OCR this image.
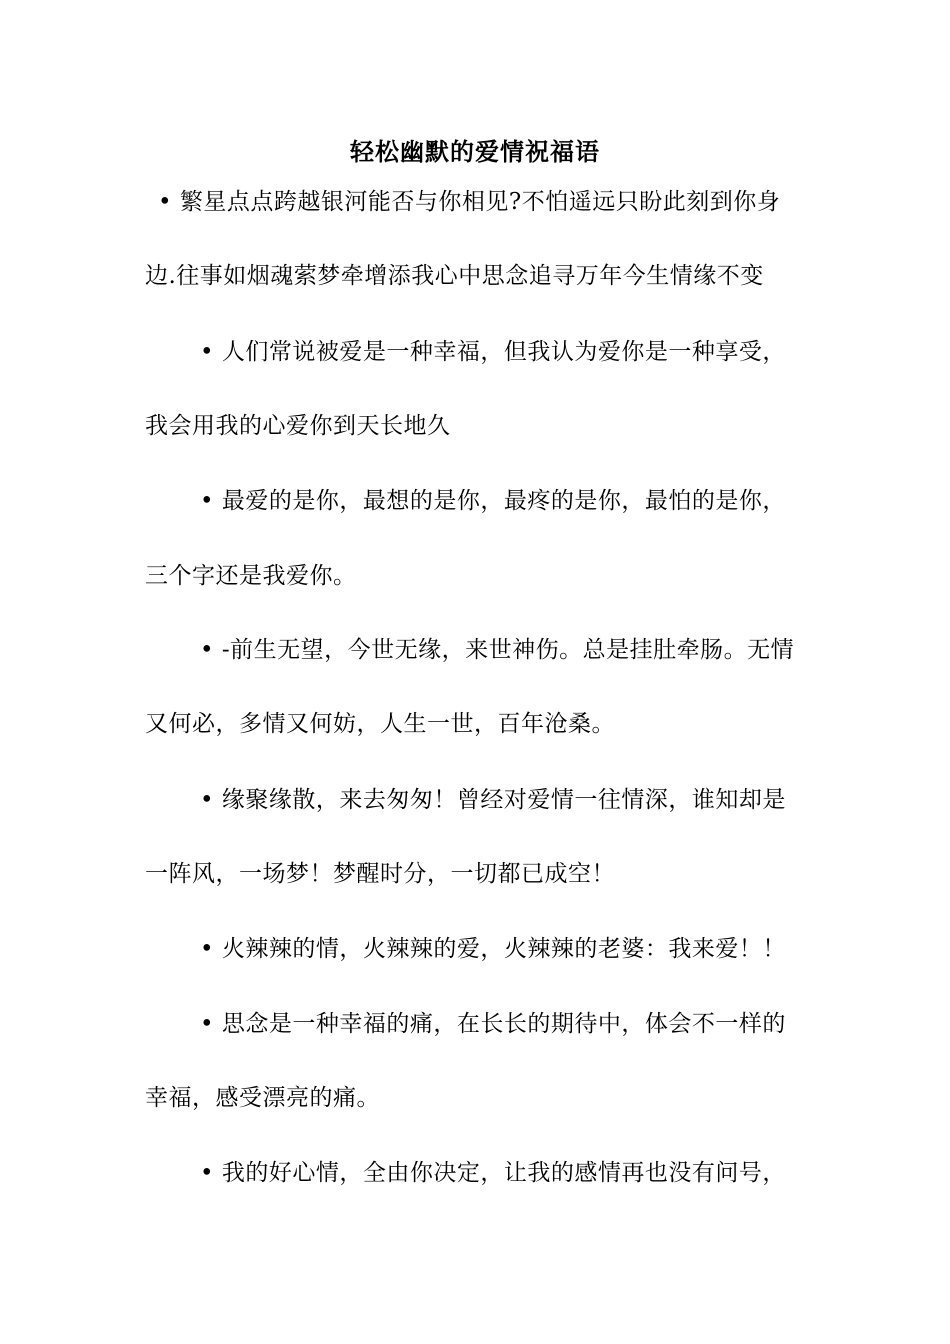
轻松幽默的爱情祝福语
• 繁星点点跨越银河能否与你相见?不怕遥远只盼此刻到你身
边.往事如烟魂萦梦牵增添我心中思念追寻万年今生情缘不变
• 人们常说被爱是一种幸福，但我认为爱你是一种享受，
我会用我的心爱你到天长地久
• 最爱的是你，最想的是你，最疼的是你，最怕的是你，
三个字还是我爱你。
• -前生无望，今世无缘，来世神伤。总是挂肚牵肠。无情
又何必，多情又何妨，人生一世，百年沧桑。
• 缘聚缘散，来去匆匆！曾经对爱情一往情深，谁知却是
一阵风，一场梦！梦醒时分，一切都已成空！
• 火辣辣的情，火辣辣的爱，火辣辣的老婆：我来爱！！
• 思念是一种幸福的痛，在长长的期待中，体会不一样的
幸福，感受漂亮的痛。
• 我的好心情，全由你决定，让我的感情再也没有问号，
